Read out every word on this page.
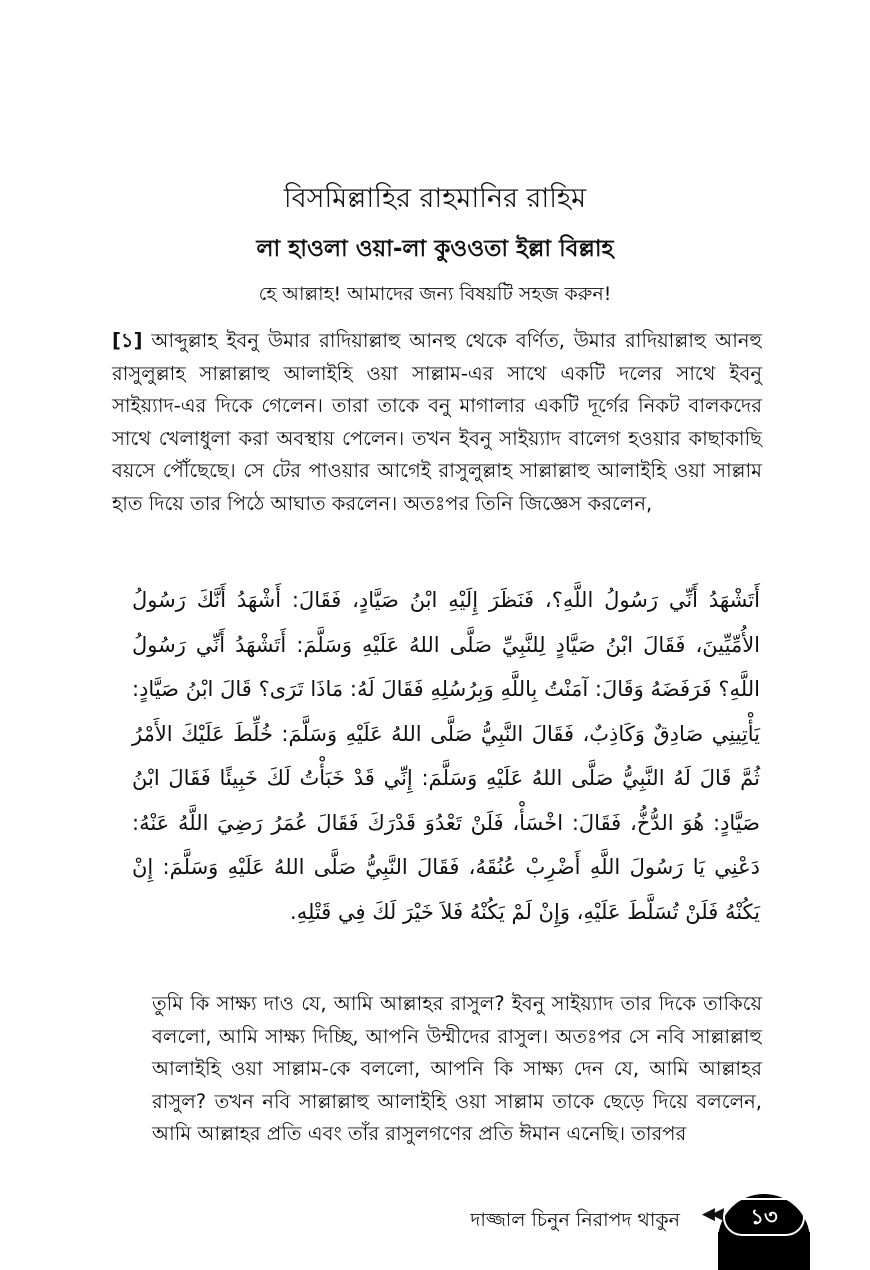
বিসমিল্লাহির রাহমানির রাহিম
লা হাওলা ওয়া-লা কুওওতা ইল্লা বিল্লাহ
হে আল্লাহ! আমাদের জন্য বিষয়টি সহজ করুন!
[১] আব্দুল্লাহ ইবনু উমার রাদিয়াল্লাহু আনহু থেকে বর্ণিত, উমার রাদিয়াল্লাহু আনহু রাসুলুল্লাহ সাল্লাল্লাহু আলাইহি ওয়া সাল্লাম-এর সাথে একটি দলের সাথে ইবনু সাইয়্যাদ-এর দিকে গেলেন। তারা তাকে বনু মাগালার একটি দূর্গের নিকট বালকদের সাথে খেলাধুলা করা অবস্থায় পেলেন। তখন ইবনু সাইয়্যাদ বালেগ হওয়ার কাছাকাছি বয়সে পৌঁছেছে। সে টের পাওয়ার আগেই রাসুলুল্লাহ সাল্লাল্লাহু আলাইহি ওয়া সাল্লাম হাত দিয়ে তার পিঠে আঘাত করলেন। অতঃপর তিনি জিজ্ঞেস করলেন,
أَتَشْهَدُ أَنِّي رَسُولُ اللَّهِ؟، فَنَظَرَ إِلَيْهِ ابْنُ صَيَّادٍ، فَقَالَ: أَشْهَدُ أَنَّكَ رَسُولُ الأُمِّيِّينَ، فَقَالَ ابْنُ صَيَّادٍ لِلنَّبِيِّ صَلَّى اللهُ عَلَيْهِ وَسَلَّمَ: أَتَشْهَدُ أَنِّي رَسُولُ اللَّهِ؟ فَرَفَضَهُ وَقَالَ: آمَنْتُ بِاللَّهِ وَبِرُسُلِهِ فَقَالَ لَهُ: مَاذَا تَرَى؟ قَالَ ابْنُ صَيَّادٍ: يَأْتِينِي صَادِقٌ وَكَاذِبٌ، فَقَالَ النَّبِيُّ صَلَّى اللهُ عَلَيْهِ وَسَلَّمَ: خُلِّطَ عَلَيْكَ الأَمْرُ ثُمَّ قَالَ لَهُ النَّبِيُّ صَلَّى اللهُ عَلَيْهِ وَسَلَّمَ: إِنِّي قَدْ خَبَأْتُ لَكَ خَبِيئًا فَقَالَ ابْنُ صَيَّادٍ: هُوَ الدُّخُّ، فَقَالَ: اخْسَأْ، فَلَنْ تَعْدُوَ قَدْرَكَ فَقَالَ عُمَرُ رَضِيَ اللَّهُ عَنْهُ: دَعْنِي يَا رَسُولَ اللَّهِ أَضْرِبْ عُنُقَهُ، فَقَالَ النَّبِيُّ صَلَّى اللهُ عَلَيْهِ وَسَلَّمَ: إِنْ يَكُنْهُ فَلَنْ تُسَلَّطَ عَلَيْهِ، وَإِنْ لَمْ يَكُنْهُ فَلاَ خَيْرَ لَكَ فِي قَتْلِهِ.
তুমি কি সাক্ষ্য দাও যে, আমি আল্লাহর রাসুল? ইবনু সাইয়্যাদ তার দিকে তাকিয়ে বললো, আমি সাক্ষ্য দিচ্ছি, আপনি উম্মীদের রাসুল। অতঃপর সে নবি সাল্লাল্লাহু আলাইহি ওয়া সাল্লাম-কে বললো, আপনি কি সাক্ষ্য দেন যে, আমি আল্লাহর রাসুল? তখন নবি সাল্লাল্লাহু আলাইহি ওয়া সাল্লাম তাকে ছেড়ে দিয়ে বললেন, আমি আল্লাহর প্রতি এবং তাঁর রাসুলগণের প্রতি ঈমান এনেছি। তারপর
দাজ্জাল চিনুন নিরাপদ থাকুন ◀◀	১৩
